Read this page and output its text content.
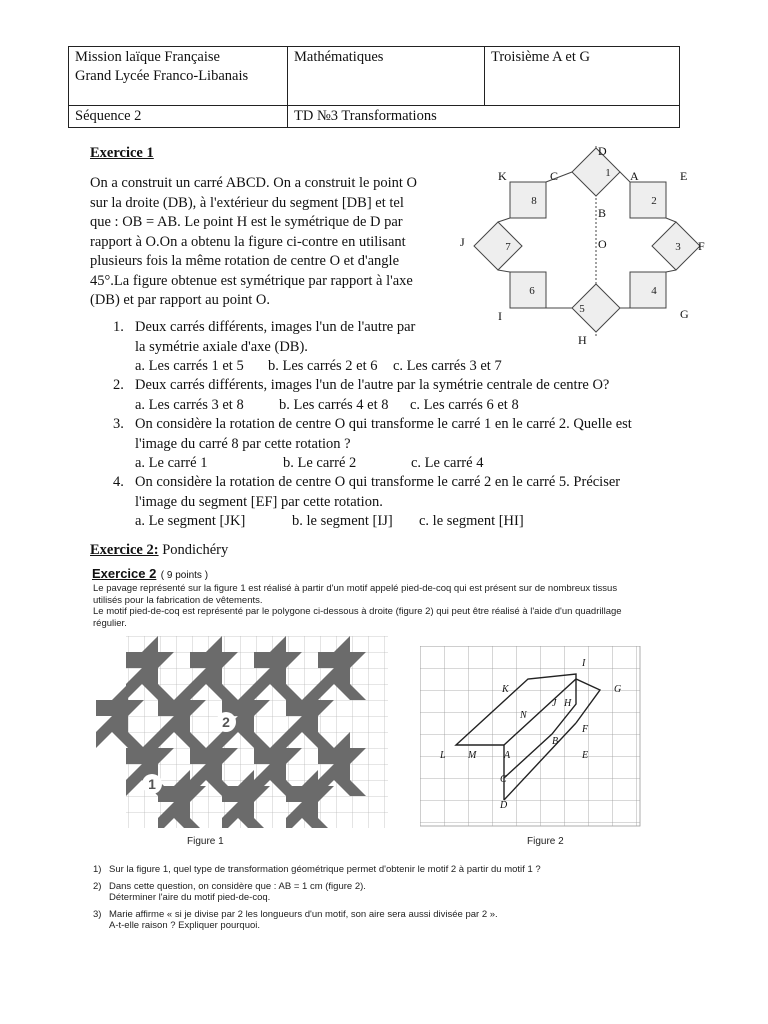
Mission laïque Française
Grand Lycée Franco-Libanais	Mathématiques	Troisième A et G
Séquence 2	TD №3 Transformations	
Exercice 1
On a construit un carré ABCD. On a construit le point O
sur la droite (DB), à l'extérieur du segment [DB] et tel
que : OB = AB. Le point H est le symétrique de D par
rapport à O.On a obtenu la figure ci-contre en utilisant
plusieurs fois la même rotation de centre O et d'angle
45°.La figure obtenue est symétrique par rapport à l'axe
(DB) et par rapport au point O.
1
2
3
4
5
6
7
8
D
K	C	A	E
B
J	O	F
I	G
H
1. Deux carrés différents, images l'un de l'autre par
la symétrie axiale d'axe (DB).
a. Les carrés 1 et 5 b. Les carrés 2 et 6 c. Les carrés 3 et 7
2. Deux carrés différents, images l'un de l'autre par la symétrie centrale de centre O?
a. Les carrés 3 et 8 b. Les carrés 4 et 8 c. Les carrés 6 et 8
3. On considère la rotation de centre O qui transforme le carré 1 en le carré 2. Quelle est
l'image du carré 8 par cette rotation ?
a. Le carré 1	b. Le carré 2	c. Le carré 4
4. On considère la rotation de centre O qui transforme le carré 2 en le carré 5. Préciser
l'image du segment [EF] par cette rotation.
a. Le segment [JK]	b. le segment [IJ] c. le segment [HI]
Exercice 2: Pondichéry
Exercice 2 ( 9 points )
Le pavage représenté sur la figure 1 est réalisé à partir d'un motif appelé pied-de-coq qui est présent sur de nombreux tissus
utilisés pour la fabrication de vêtements.
Le motif pied-de-coq est représenté par le polygone ci-dessous à droite (figure 2) qui peut être réalisé à l'aide d'un quadrillage
régulier.
2
1
Figure 1
I
K	G
J H
N
F
B
L M	A	E
C
D
Figure 2
1) Sur la figure 1, quel type de transformation géométrique permet d'obtenir le motif 2 à partir du motif 1 ?
2) Dans cette question, on considère que : AB = 1 cm (figure 2).
Déterminer l'aire du motif pied-de-coq.
3) Marie affirme « si je divise par 2 les longueurs d'un motif, son aire sera aussi divisée par 2 ».
A-t-elle raison ? Expliquer pourquoi.
